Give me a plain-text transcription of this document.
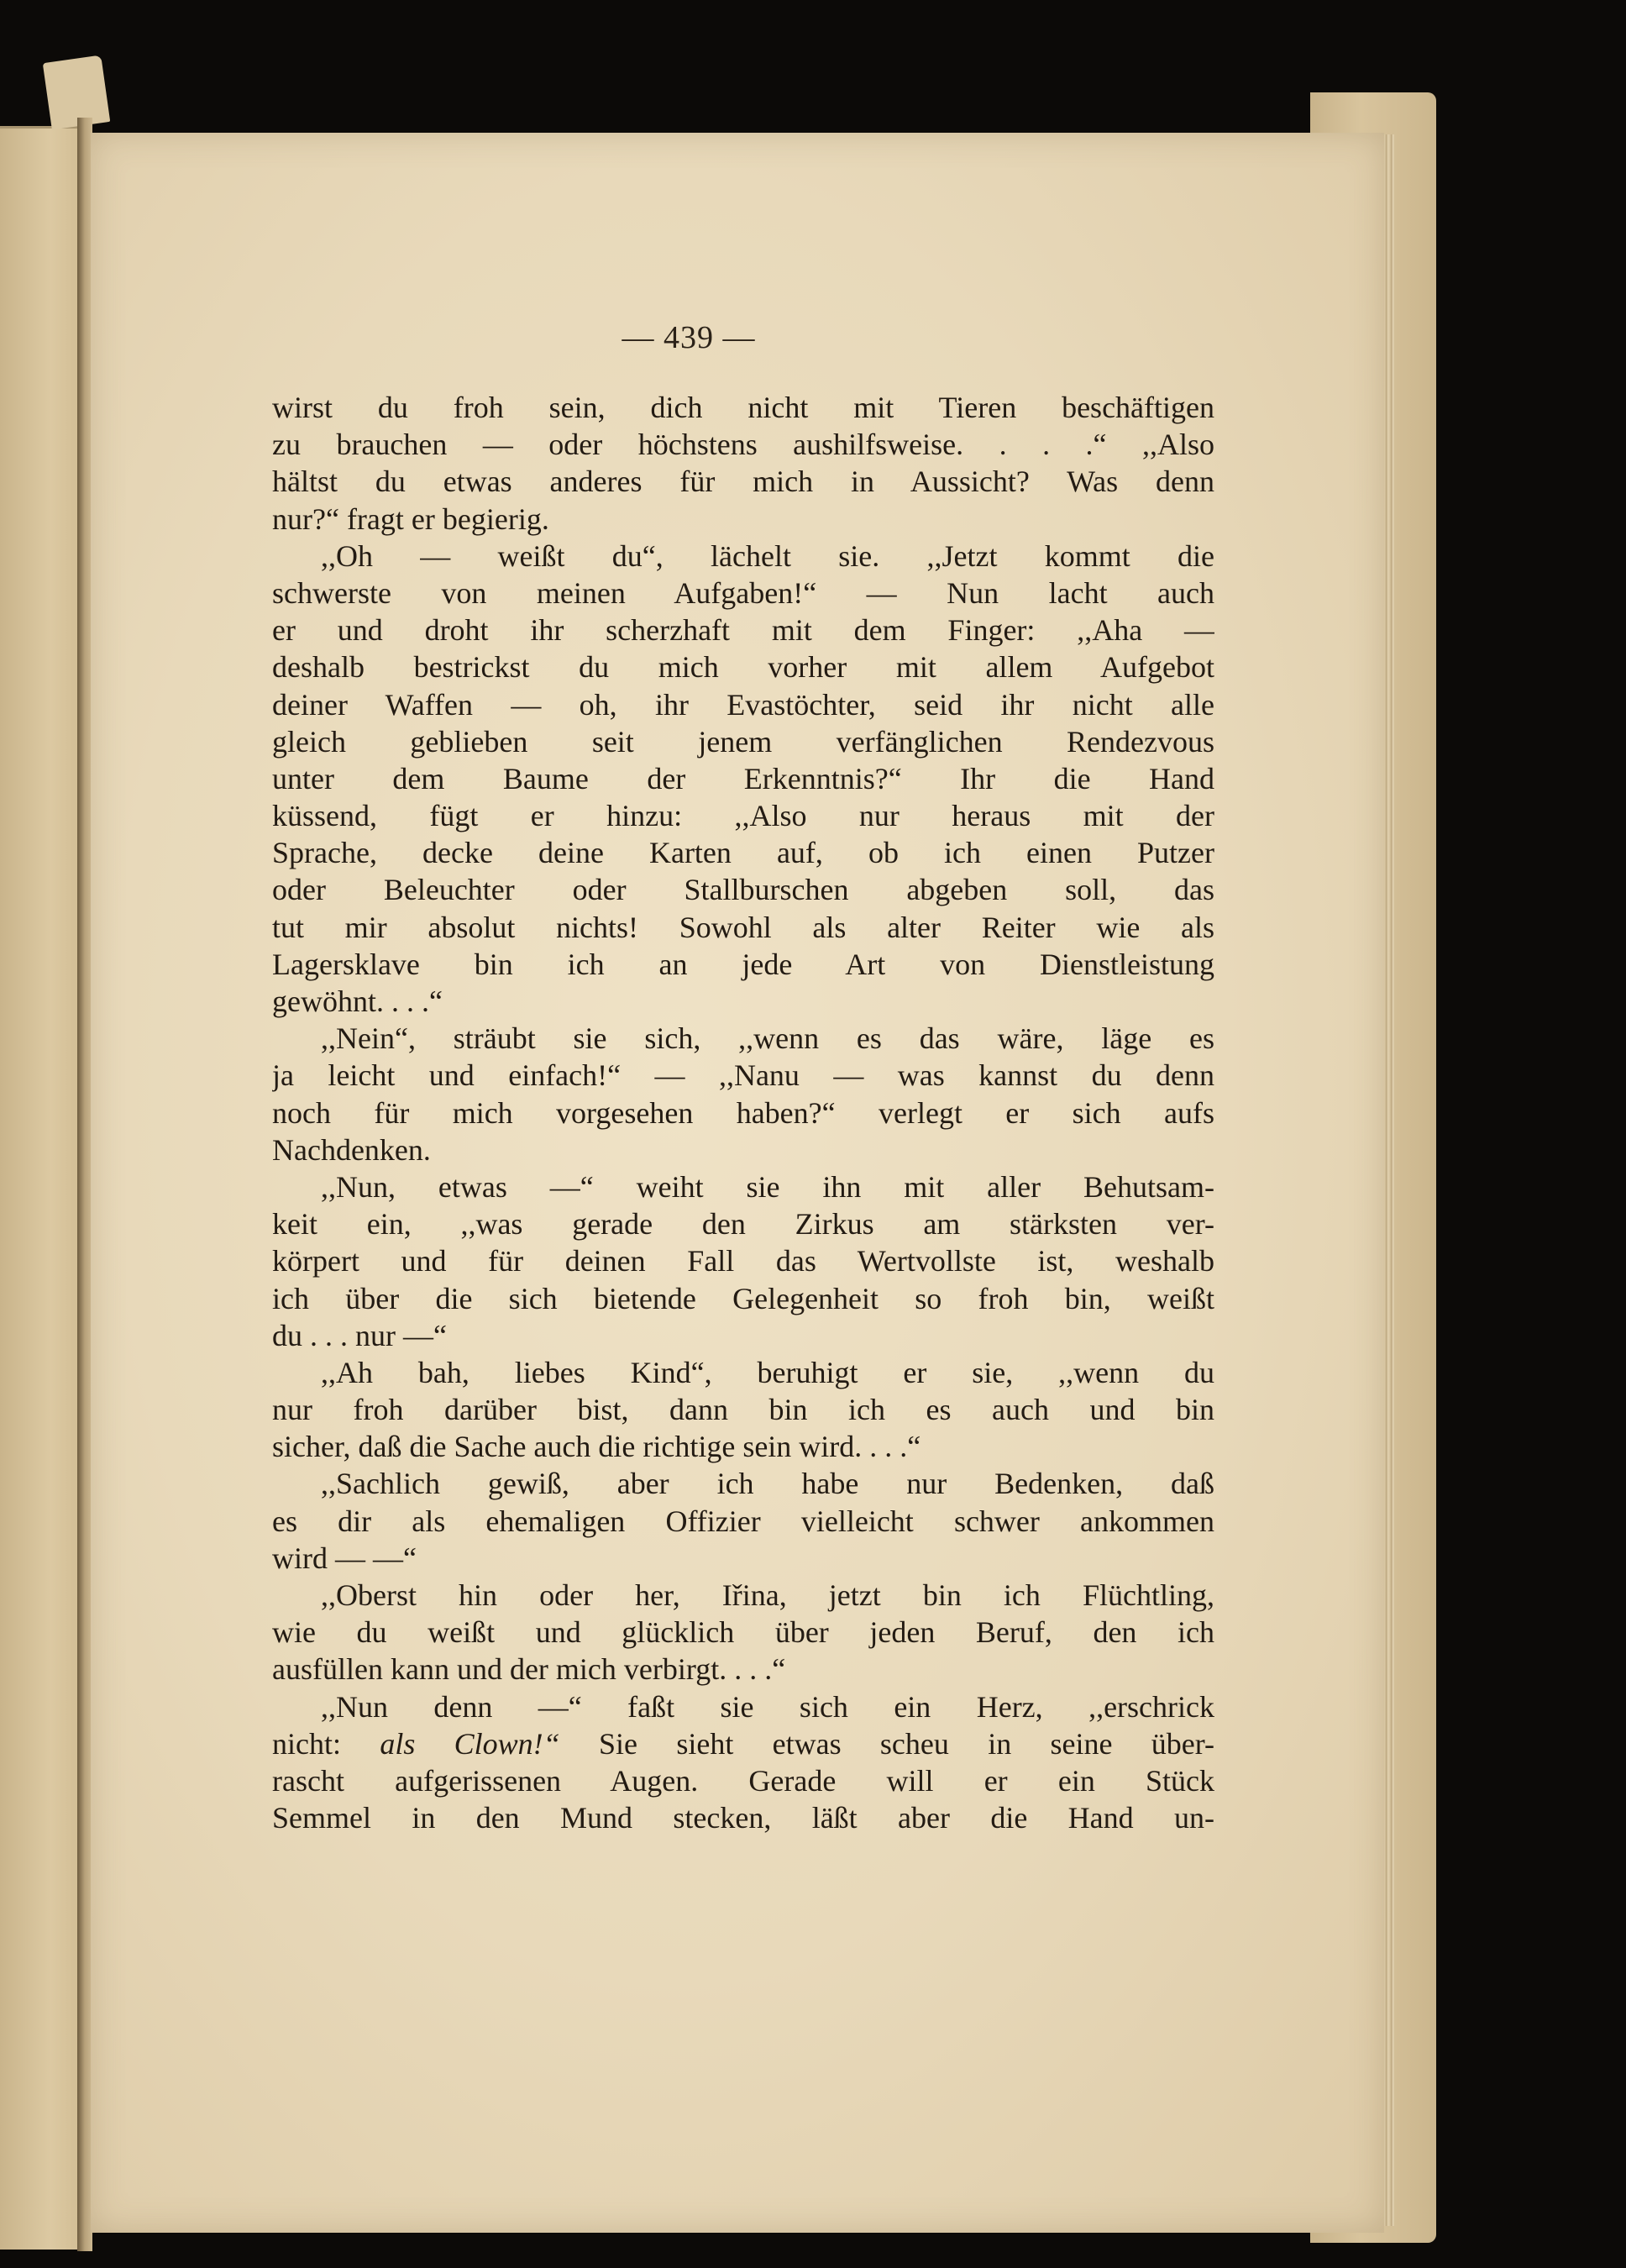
— 439 —
wirst du froh sein, dich nicht mit Tieren beschäftigen
zu brauchen — oder höchstens aushilfsweise. . . .“ ,,Also
hältst du etwas anderes für mich in Aussicht? Was denn
nur?“ fragt er begierig.
,,Oh — weißt du“, lächelt sie. ,,Jetzt kommt die
schwerste von meinen Aufgaben!“ — Nun lacht auch
er und droht ihr scherzhaft mit dem Finger: ,,Aha —
deshalb bestrickst du mich vorher mit allem Aufgebot
deiner Waffen — oh, ihr Evastöchter, seid ihr nicht alle
gleich geblieben seit jenem verfänglichen Rendezvous
unter dem Baume der Erkenntnis?“ Ihr die Hand
küssend, fügt er hinzu: ,,Also nur heraus mit der
Sprache, decke deine Karten auf, ob ich einen Putzer
oder Beleuchter oder Stallburschen abgeben soll, das
tut mir absolut nichts! Sowohl als alter Reiter wie als
Lagersklave bin ich an jede Art von Dienstleistung
gewöhnt. . . .“
,,Nein“, sträubt sie sich, ,,wenn es das wäre, läge es
ja leicht und einfach!“ — ,,Nanu — was kannst du denn
noch für mich vorgesehen haben?“ verlegt er sich aufs
Nachdenken.
,,Nun, etwas —“ weiht sie ihn mit aller Behutsam-
keit ein, ,,was gerade den Zirkus am stärksten ver-
körpert und für deinen Fall das Wertvollste ist, weshalb
ich über die sich bietende Gelegenheit so froh bin, weißt
du . . . nur —“
,,Ah bah, liebes Kind“, beruhigt er sie, ,,wenn du
nur froh darüber bist, dann bin ich es auch und bin
sicher, daß die Sache auch die richtige sein wird. . . .“
,,Sachlich gewiß, aber ich habe nur Bedenken, daß
es dir als ehemaligen Offizier vielleicht schwer ankommen
wird — —“
,,Oberst hin oder her, Iřina, jetzt bin ich Flüchtling,
wie du weißt und glücklich über jeden Beruf, den ich
ausfüllen kann und der mich verbirgt. . . .“
,,Nun denn —“ faßt sie sich ein Herz, ,,erschrick
nicht: als Clown!“ Sie sieht etwas scheu in seine über-
rascht aufgerissenen Augen. Gerade will er ein Stück
Semmel in den Mund stecken, läßt aber die Hand un-
